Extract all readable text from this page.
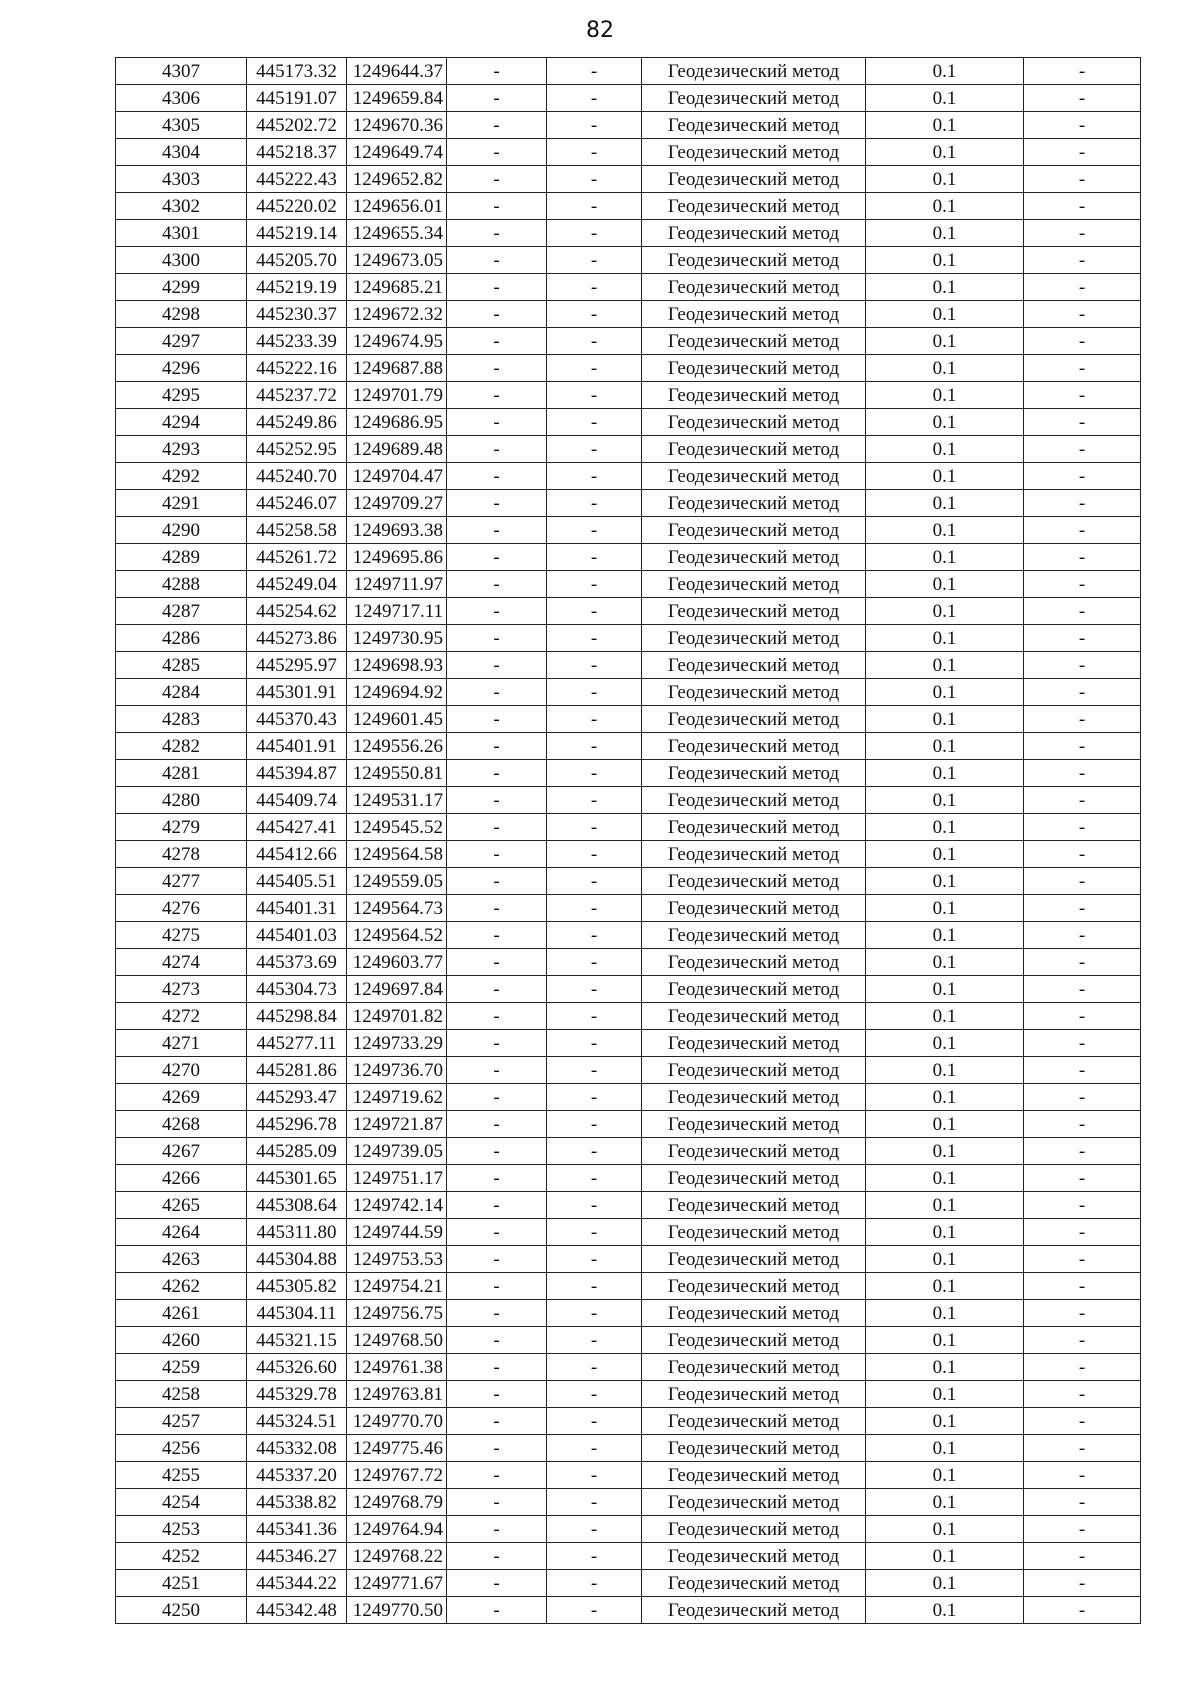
82
4307	445173.32	1249644.37	-	-	Геодезический метод	0.1	-
4306	445191.07	1249659.84	-	-	Геодезический метод	0.1	-
4305	445202.72	1249670.36	-	-	Геодезический метод	0.1	-
4304	445218.37	1249649.74	-	-	Геодезический метод	0.1	-
4303	445222.43	1249652.82	-	-	Геодезический метод	0.1	-
4302	445220.02	1249656.01	-	-	Геодезический метод	0.1	-
4301	445219.14	1249655.34	-	-	Геодезический метод	0.1	-
4300	445205.70	1249673.05	-	-	Геодезический метод	0.1	-
4299	445219.19	1249685.21	-	-	Геодезический метод	0.1	-
4298	445230.37	1249672.32	-	-	Геодезический метод	0.1	-
4297	445233.39	1249674.95	-	-	Геодезический метод	0.1	-
4296	445222.16	1249687.88	-	-	Геодезический метод	0.1	-
4295	445237.72	1249701.79	-	-	Геодезический метод	0.1	-
4294	445249.86	1249686.95	-	-	Геодезический метод	0.1	-
4293	445252.95	1249689.48	-	-	Геодезический метод	0.1	-
4292	445240.70	1249704.47	-	-	Геодезический метод	0.1	-
4291	445246.07	1249709.27	-	-	Геодезический метод	0.1	-
4290	445258.58	1249693.38	-	-	Геодезический метод	0.1	-
4289	445261.72	1249695.86	-	-	Геодезический метод	0.1	-
4288	445249.04	1249711.97	-	-	Геодезический метод	0.1	-
4287	445254.62	1249717.11	-	-	Геодезический метод	0.1	-
4286	445273.86	1249730.95	-	-	Геодезический метод	0.1	-
4285	445295.97	1249698.93	-	-	Геодезический метод	0.1	-
4284	445301.91	1249694.92	-	-	Геодезический метод	0.1	-
4283	445370.43	1249601.45	-	-	Геодезический метод	0.1	-
4282	445401.91	1249556.26	-	-	Геодезический метод	0.1	-
4281	445394.87	1249550.81	-	-	Геодезический метод	0.1	-
4280	445409.74	1249531.17	-	-	Геодезический метод	0.1	-
4279	445427.41	1249545.52	-	-	Геодезический метод	0.1	-
4278	445412.66	1249564.58	-	-	Геодезический метод	0.1	-
4277	445405.51	1249559.05	-	-	Геодезический метод	0.1	-
4276	445401.31	1249564.73	-	-	Геодезический метод	0.1	-
4275	445401.03	1249564.52	-	-	Геодезический метод	0.1	-
4274	445373.69	1249603.77	-	-	Геодезический метод	0.1	-
4273	445304.73	1249697.84	-	-	Геодезический метод	0.1	-
4272	445298.84	1249701.82	-	-	Геодезический метод	0.1	-
4271	445277.11	1249733.29	-	-	Геодезический метод	0.1	-
4270	445281.86	1249736.70	-	-	Геодезический метод	0.1	-
4269	445293.47	1249719.62	-	-	Геодезический метод	0.1	-
4268	445296.78	1249721.87	-	-	Геодезический метод	0.1	-
4267	445285.09	1249739.05	-	-	Геодезический метод	0.1	-
4266	445301.65	1249751.17	-	-	Геодезический метод	0.1	-
4265	445308.64	1249742.14	-	-	Геодезический метод	0.1	-
4264	445311.80	1249744.59	-	-	Геодезический метод	0.1	-
4263	445304.88	1249753.53	-	-	Геодезический метод	0.1	-
4262	445305.82	1249754.21	-	-	Геодезический метод	0.1	-
4261	445304.11	1249756.75	-	-	Геодезический метод	0.1	-
4260	445321.15	1249768.50	-	-	Геодезический метод	0.1	-
4259	445326.60	1249761.38	-	-	Геодезический метод	0.1	-
4258	445329.78	1249763.81	-	-	Геодезический метод	0.1	-
4257	445324.51	1249770.70	-	-	Геодезический метод	0.1	-
4256	445332.08	1249775.46	-	-	Геодезический метод	0.1	-
4255	445337.20	1249767.72	-	-	Геодезический метод	0.1	-
4254	445338.82	1249768.79	-	-	Геодезический метод	0.1	-
4253	445341.36	1249764.94	-	-	Геодезический метод	0.1	-
4252	445346.27	1249768.22	-	-	Геодезический метод	0.1	-
4251	445344.22	1249771.67	-	-	Геодезический метод	0.1	-
4250	445342.48	1249770.50	-	-	Геодезический метод	0.1	-
